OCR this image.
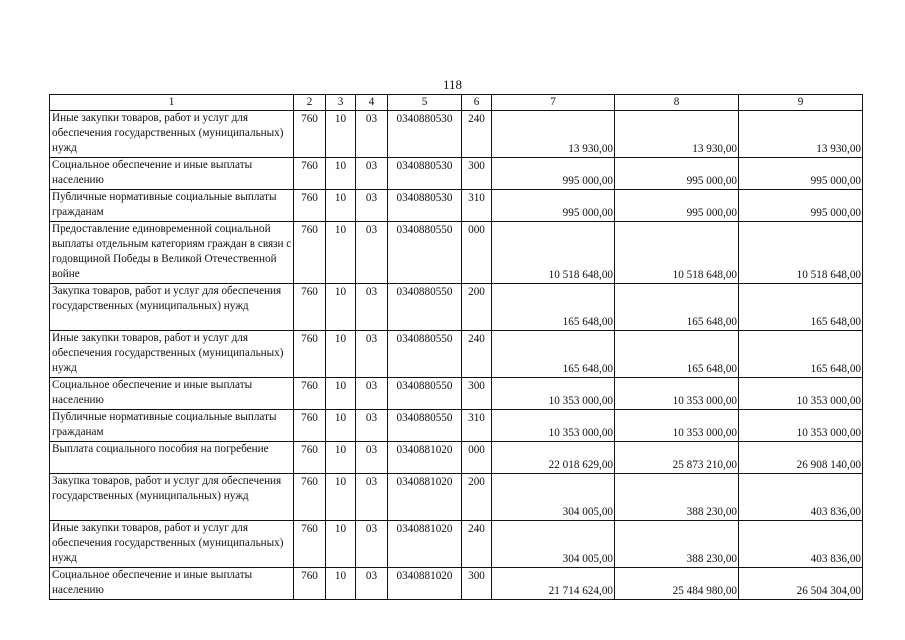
118
1	2	3	4	5	6	7	8	9
Иные закупки товаров, работ и услуг для обеспечения государственных (муниципальных) нужд	760	10	03	0340880530	240	13 930,00	13 930,00	13 930,00
Социальное обеспечение и иные выплаты населению	760	10	03	0340880530	300	995 000,00	995 000,00	995 000,00
Публичные нормативные социальные выплаты гражданам	760	10	03	0340880530	310	995 000,00	995 000,00	995 000,00
Предоставление единовременной социальной выплаты отдельным категориям граждан в связи с годовщиной Победы в Великой Отечественной войне	760	10	03	0340880550	000	10 518 648,00	10 518 648,00	10 518 648,00
Закупка товаров, работ и услуг для обеспечения государственных (муниципальных) нужд	760	10	03	0340880550	200	165 648,00	165 648,00	165 648,00
Иные закупки товаров, работ и услуг для обеспечения государственных (муниципальных) нужд	760	10	03	0340880550	240	165 648,00	165 648,00	165 648,00
Социальное обеспечение и иные выплаты населению	760	10	03	0340880550	300	10 353 000,00	10 353 000,00	10 353 000,00
Публичные нормативные социальные выплаты гражданам	760	10	03	0340880550	310	10 353 000,00	10 353 000,00	10 353 000,00
Выплата социального пособия на погребение	760	10	03	0340881020	000	22 018 629,00	25 873 210,00	26 908 140,00
Закупка товаров, работ и услуг для обеспечения государственных (муниципальных) нужд	760	10	03	0340881020	200	304 005,00	388 230,00	403 836,00
Иные закупки товаров, работ и услуг для обеспечения государственных (муниципальных) нужд	760	10	03	0340881020	240	304 005,00	388 230,00	403 836,00
Социальное обеспечение и иные выплаты населению	760	10	03	0340881020	300	21 714 624,00	25 484 980,00	26 504 304,00
